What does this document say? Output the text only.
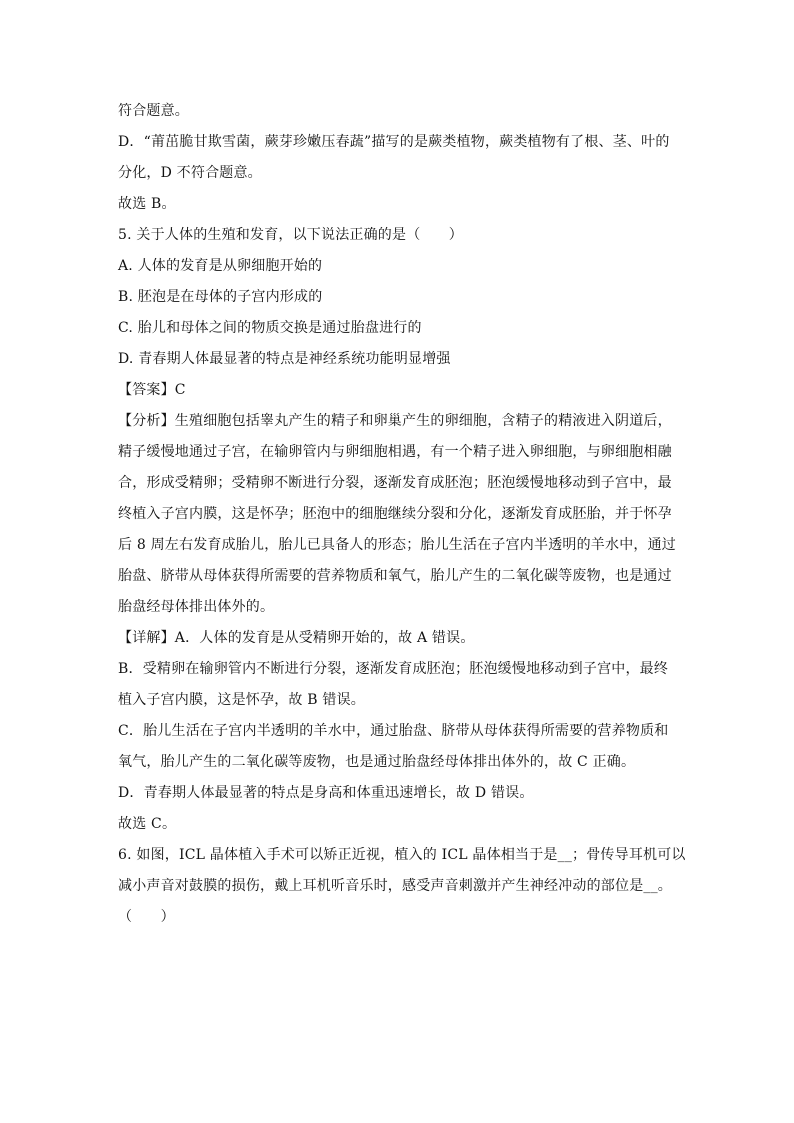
符合题意。
D．“莆茁脆甘欺雪菌，蕨芽珍嫩压春蔬”描写的是蕨类植物，蕨类植物有了根、茎、叶的
分化，D 不符合题意。
故选 B。
5. 关于人体的生殖和发育，以下说法正确的是（　　）
A. 人体的发育是从卵细胞开始的
B. 胚泡是在母体的子宫内形成的
C. 胎儿和母体之间的物质交换是通过胎盘进行的
D. 青春期人体最显著的特点是神经系统功能明显增强
【答案】C
【分析】生殖细胞包括睾丸产生的精子和卵巢产生的卵细胞，含精子的精液进入阴道后，
精子缓慢地通过子宫，在输卵管内与卵细胞相遇，有一个精子进入卵细胞，与卵细胞相融
合，形成受精卵；受精卵不断进行分裂，逐渐发育成胚泡；胚泡缓慢地移动到子宫中，最
终植入子宫内膜，这是怀孕；胚泡中的细胞继续分裂和分化，逐渐发育成胚胎，并于怀孕
后 8 周左右发育成胎儿，胎儿已具备人的形态；胎儿生活在子宫内半透明的羊水中，通过
胎盘、脐带从母体获得所需要的营养物质和氧气，胎儿产生的二氧化碳等废物，也是通过
胎盘经母体排出体外的。
【详解】A．人体的发育是从受精卵开始的，故 A 错误。
B．受精卵在输卵管内不断进行分裂，逐渐发育成胚泡；胚泡缓慢地移动到子宫中，最终
植入子宫内膜，这是怀孕，故 B 错误。
C．胎儿生活在子宫内半透明的羊水中，通过胎盘、脐带从母体获得所需要的营养物质和
氧气，胎儿产生的二氧化碳等废物，也是通过胎盘经母体排出体外的，故 C 正确。
D．青春期人体最显著的特点是身高和体重迅速增长，故 D 错误。
故选 C。
6. 如图，ICL 晶体植入手术可以矫正近视，植入的 ICL 晶体相当于是__；骨传导耳机可以
减小声音对鼓膜的损伤，戴上耳机听音乐时，感受声音刺激并产生神经冲动的部位是__。
（　　）
